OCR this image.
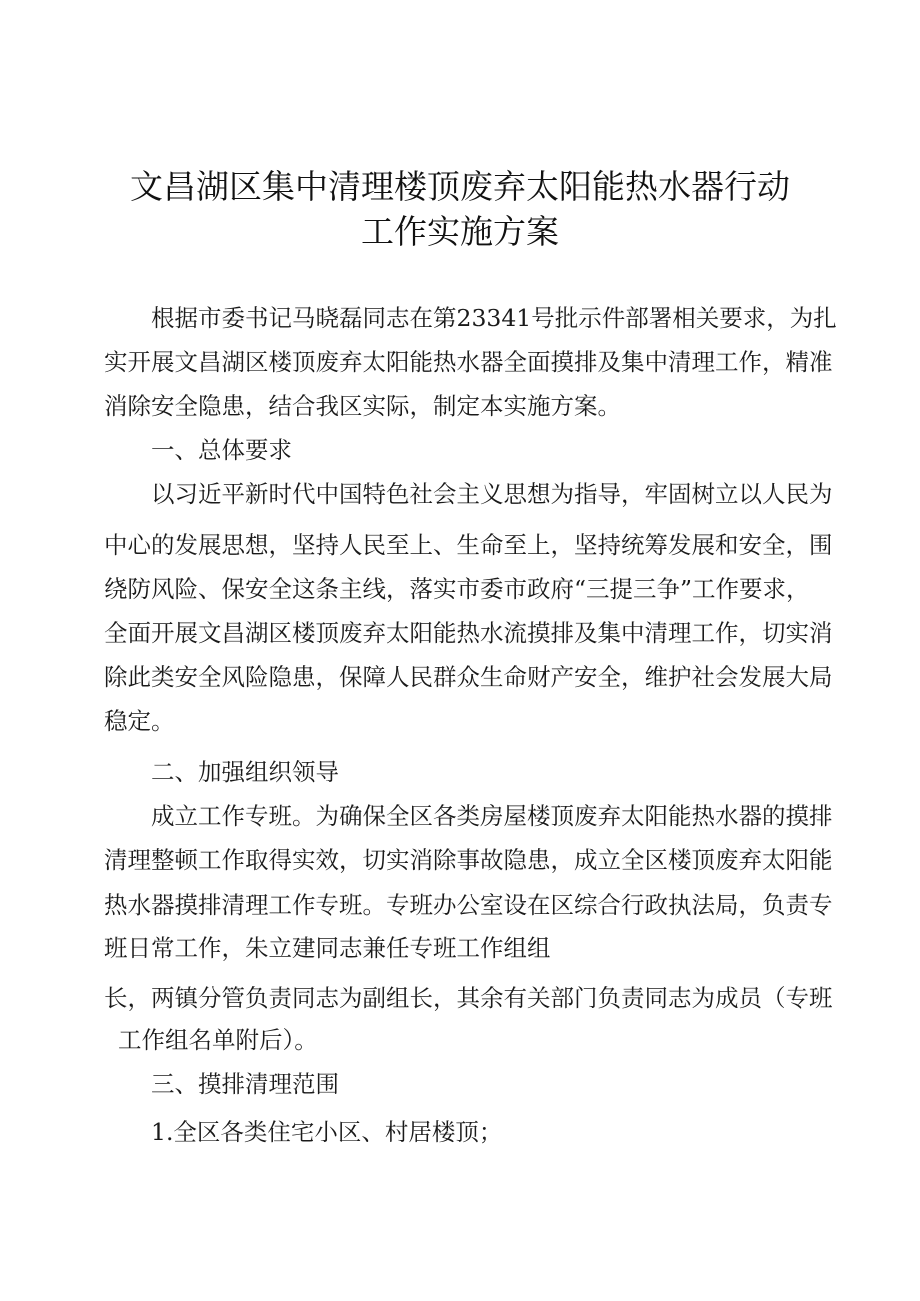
文昌湖区集中清理楼顶废弃太阳能热水器行动
工作实施方案
根据市委书记马晓磊同志在第23341号批示件部署相关要求，为扎
实开展文昌湖区楼顶废弃太阳能热水器全面摸排及集中清理工作，精准
消除安全隐患，结合我区实际，制定本实施方案。
一、总体要求
以习近平新时代中国特色社会主义思想为指导，牢固树立以人民为
中心的发展思想，坚持人民至上、生命至上，坚持统筹发展和安全，围
绕防风险、保安全这条主线，落实市委市政府“三提三争”工作要求，
全面开展文昌湖区楼顶废弃太阳能热水流摸排及集中清理工作，切实消
除此类安全风险隐患，保障人民群众生命财产安全，维护社会发展大局
稳定。
二、加强组织领导
成立工作专班。为确保全区各类房屋楼顶废弃太阳能热水器的摸排
清理整顿工作取得实效，切实消除事故隐患，成立全区楼顶废弃太阳能
热水器摸排清理工作专班。专班办公室设在区综合行政执法局，负责专
班日常工作，朱立建同志兼任专班工作组组
长，两镇分管负责同志为副组长，其余有关部门负责同志为成员（专班
工作组名单附后）。
三、摸排清理范围
1.全区各类住宅小区、村居楼顶；
